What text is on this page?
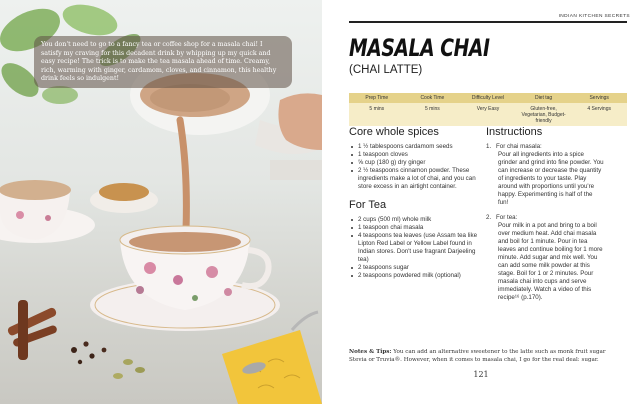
You don't need to go to a fancy tea or coffee shop for a masala chai! I satisfy my craving for this decadent drink by whipping up my quick and easy recipe! The trick is to make the tea masala ahead of time. Creamy, rich, warming with ginger, cardamom, cloves, and cinnamon, this healthy drink feels so indulgent!
INDIAN KITCHEN SECRETS
MASALA CHAI
(CHAI LATTE)
Prep Time	Cook Time	Difficulty Level	Diet tag	Servings
5 mins	5 mins	Very Easy	Gluten-free, Vegetarian, Budget-friendly	4 Servings
Core whole spices
1 ½ tablespoons cardamom seeds
1 teaspoon cloves
⅝ cup (180 g) dry ginger
2 ½ teaspoons cinnamon powder. These ingredients make a lot of chai, and you can store excess in an airtight container.
For Tea
2 cups (500 ml) whole milk
1 teaspoon chai masala
4 teaspoons tea leaves (use Assam tea like Lipton Red Label or Yellow Label found in Indian stores. Don't use fragrant Darjeeling tea)
2 teaspoons sugar
2 teaspoons powdered milk (optional)
Instructions
1. For chai masala:
Pour all ingredients into a spice grinder and grind into fine powder. You can increase or decrease the quantity of ingredients to your taste. Play around with proportions until you're happy. Experimenting is half of the fun!
2. For tea:
Pour milk in a pot and bring to a boil over medium heat. Add chai masala and boil for 1 minute. Pour in tea leaves and continue boiling for 1 more minute. Add sugar and mix well. You can add some milk powder at this stage. Boil for 1 or 2 minutes. Pour masala chai into cups and serve immediately. Watch a video of this recipe¹⁶ (p.170).
Notes & Tips: You can add an alternative sweetener to the latte such as monk fruit sugar Stevia or Truvia®. However, when it comes to masala chai, I go for the real deal: sugar.
121
